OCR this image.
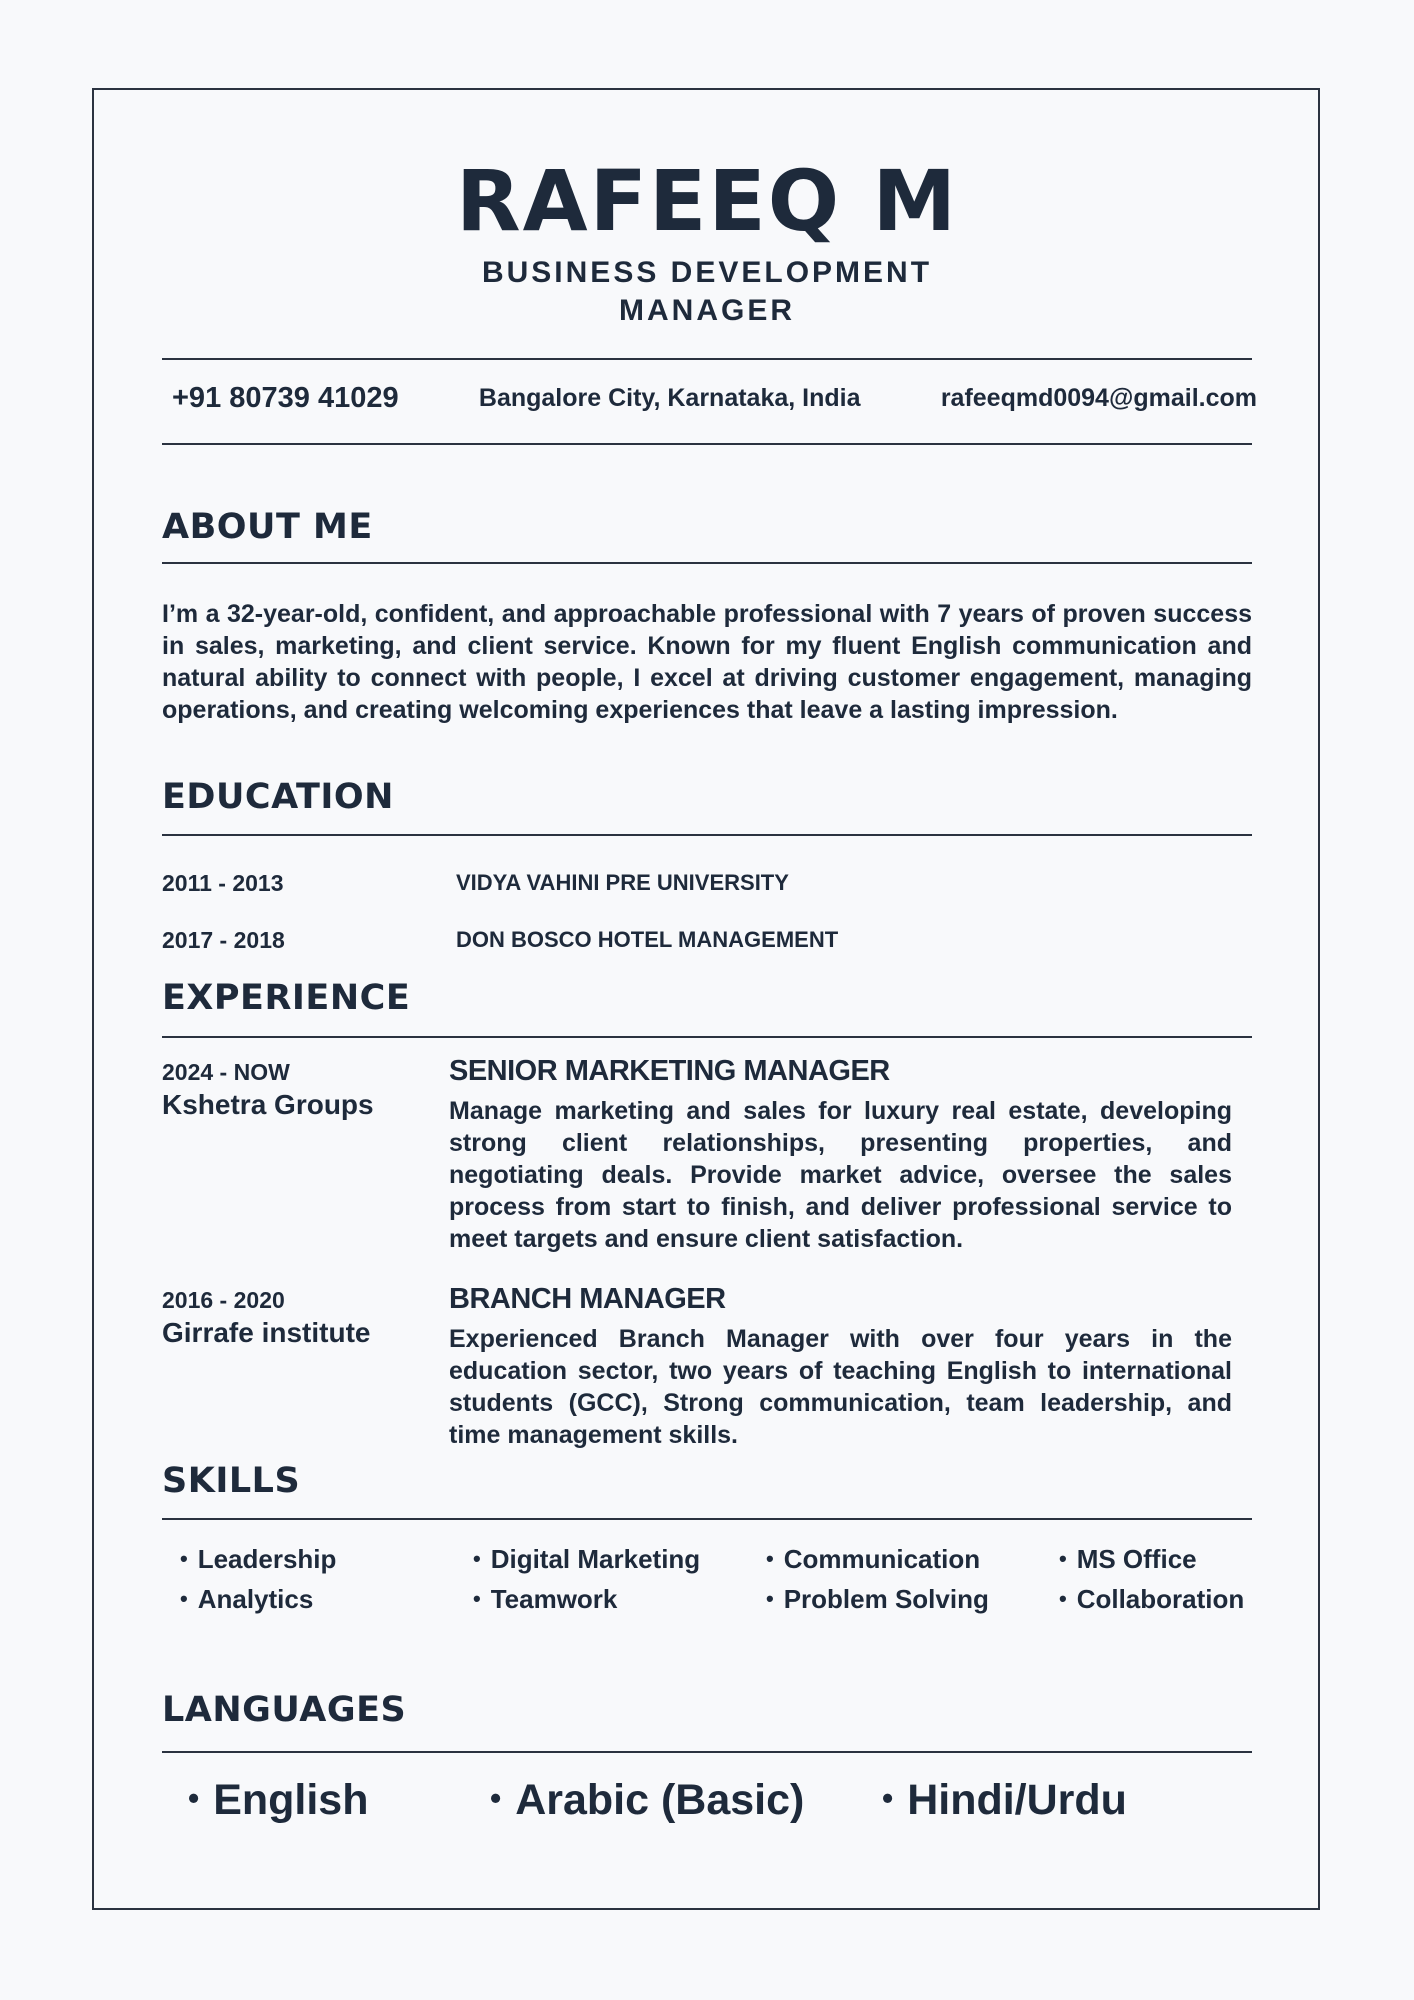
RAFEEQ M
BUSINESS DEVELOPMENT
MANAGER
+91 80739 41029	Bangalore City, Karnataka, India	rafeeqmd0094@gmail.com
ABOUT ME

I’m a 32-year-old, confident, and approachable professional with 7 years of proven success in sales, marketing, and client service. Known for my fluent English communication and natural ability to connect with people, I excel at driving customer engagement, managing operations, and creating welcoming experiences that leave a lasting impression.

EDUCATION
2011 - 2013	VIDYA VAHINI PRE UNIVERSITY
2017 - 2018	DON BOSCO HOTEL MANAGEMENT
EXPERIENCE
2024 - NOW
Kshetra Groups
SENIOR MARKETING MANAGER

Manage marketing and sales for luxury real estate, developing strong client relationships, presenting properties, and negotiating deals. Provide market advice, oversee the sales process from start to finish, and deliver professional service to meet targets and ensure client satisfaction.

2016 - 2020
Girrafe institute
BRANCH MANAGER

Experienced Branch Manager with over four years in the education sector, two years of teaching English to international students (GCC), Strong communication, team leadership, and time management skills.

SKILLS
• Leadership	• Digital Marketing	• Communication	• MS Office
• Analytics	• Teamwork	• Problem Solving	• Collaboration
LANGUAGES
• English	• Arabic (Basic) • Hindi/Urdu
